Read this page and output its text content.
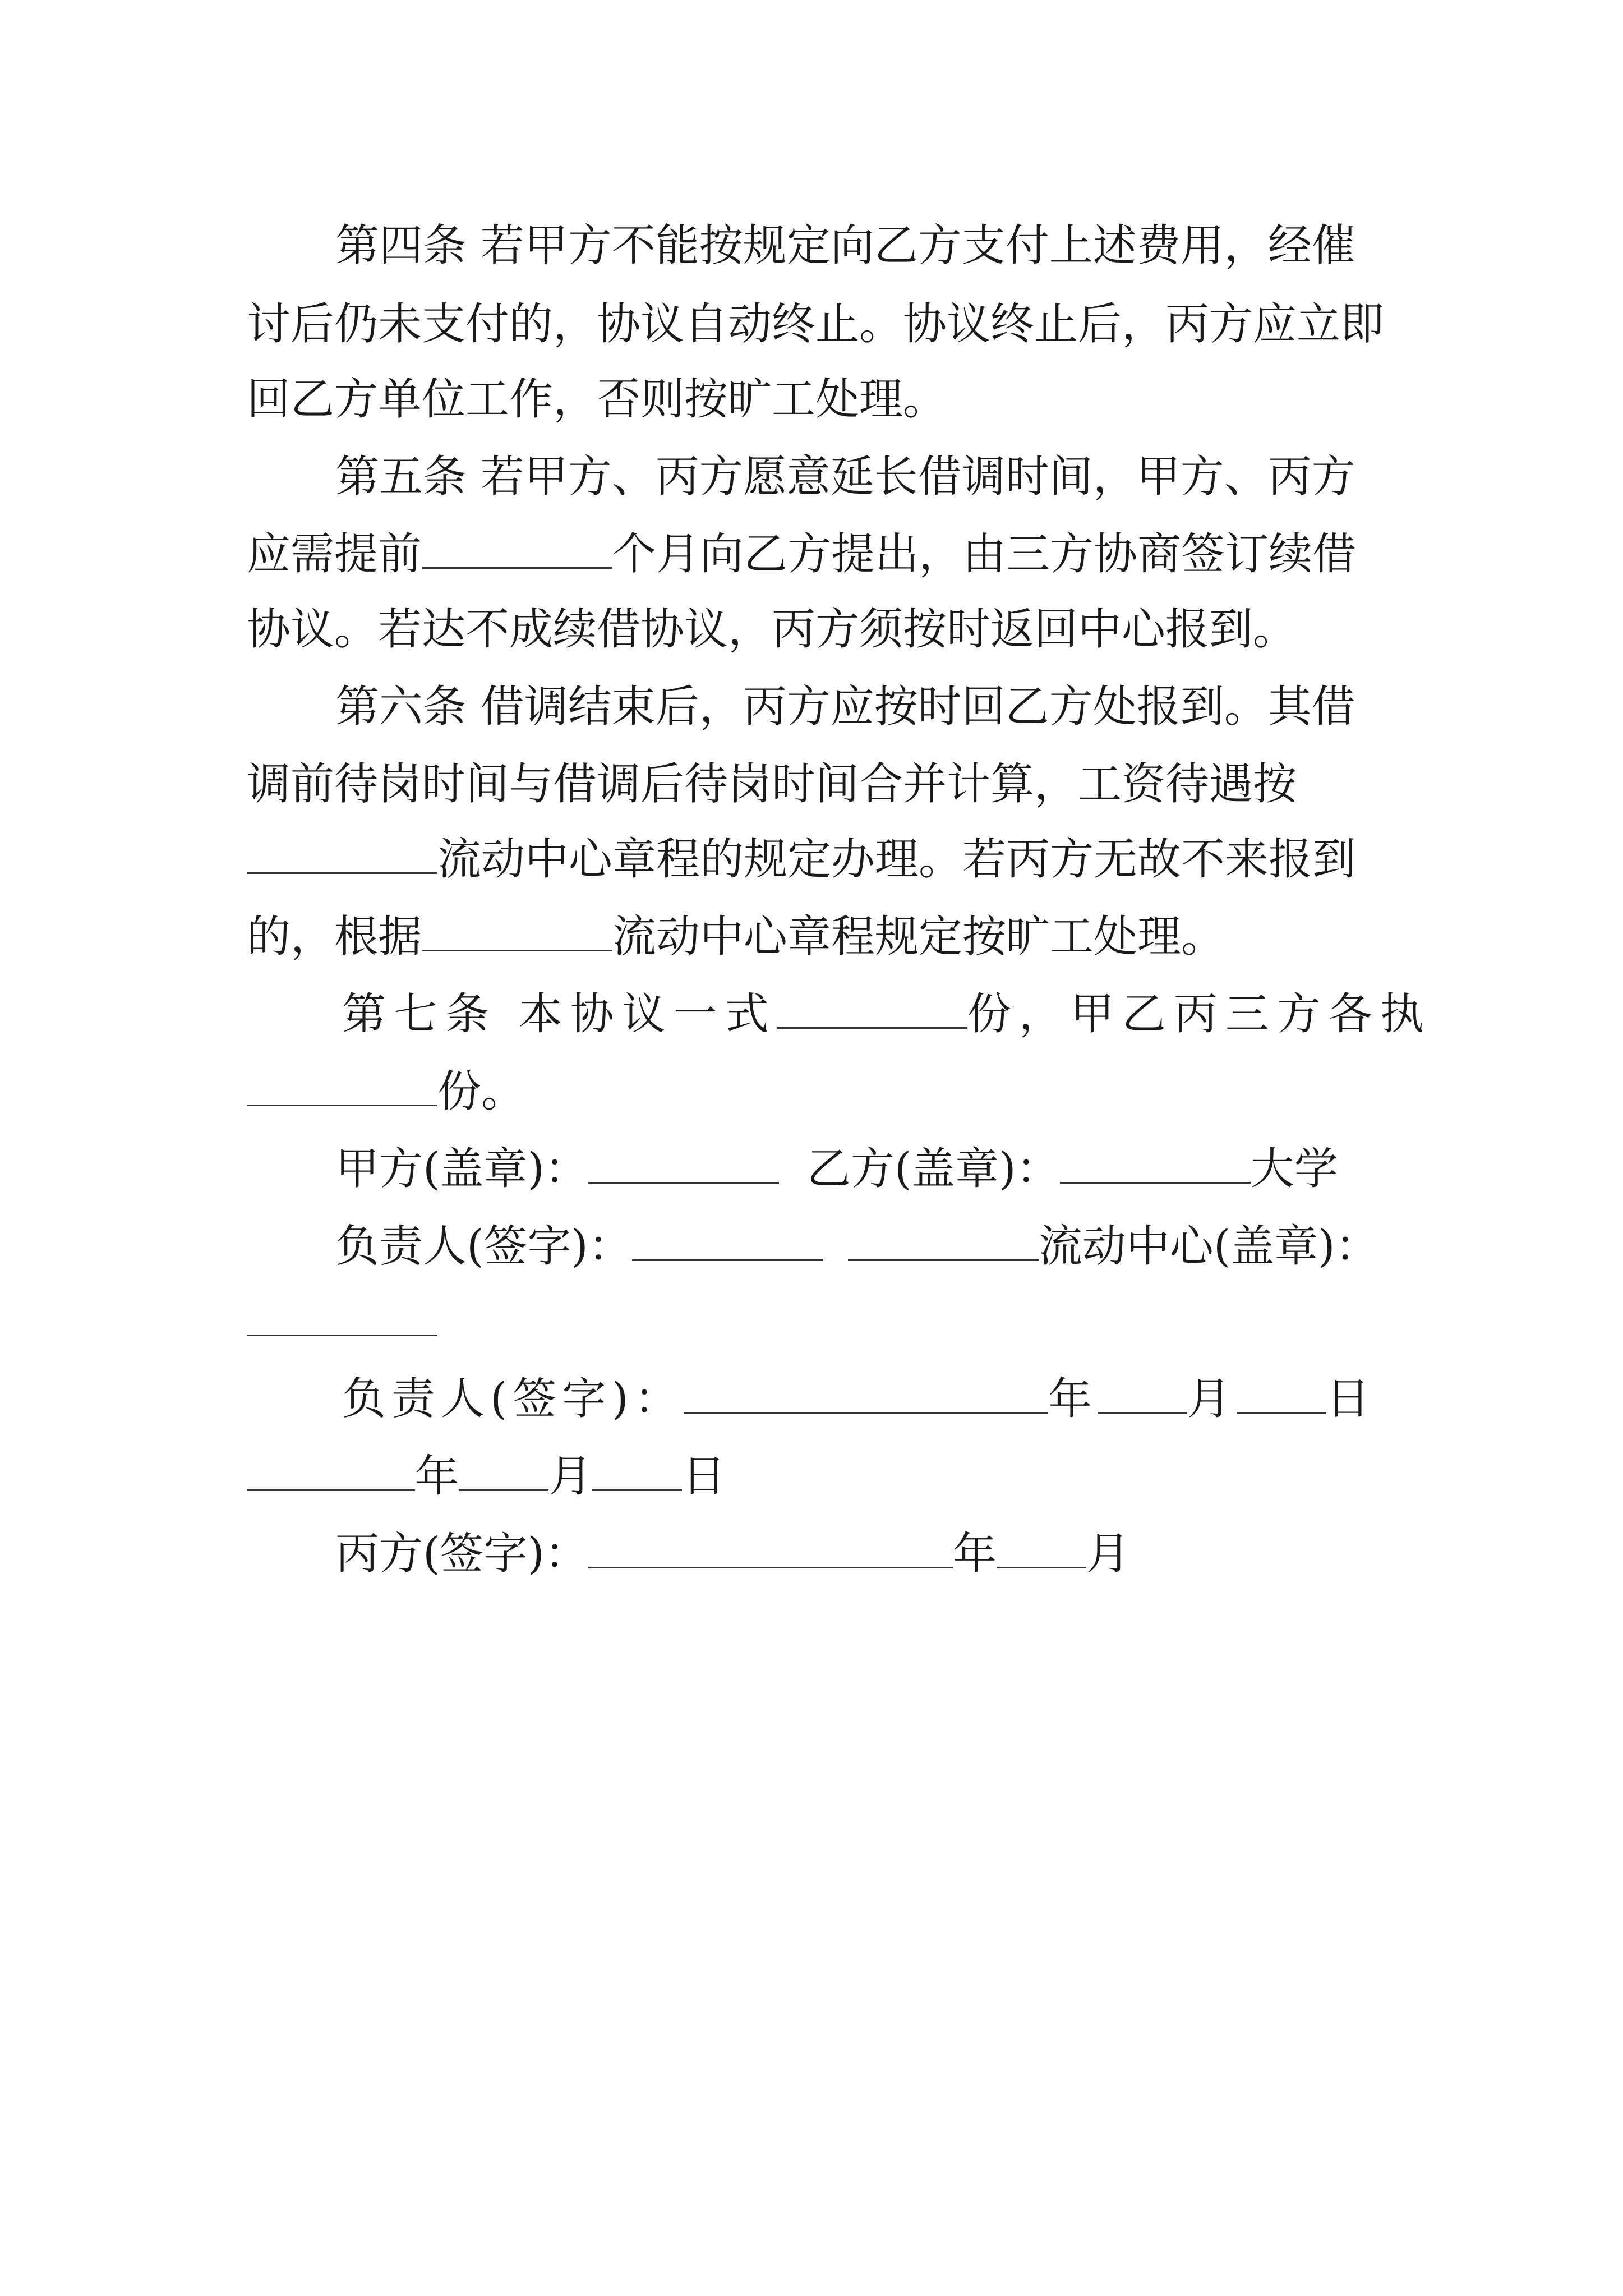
第四条 若甲方不能按规定向乙方支付上述费用，经催
讨后仍未支付的，协议自动终止。协议终止后，丙方应立即
回乙方单位工作，否则按旷工处理。
第五条 若甲方、丙方愿意延长借调时间，甲方、丙方
应需提前	个月向乙方提出，由三方协商签订续借
协议。若达不成续借协议，丙方须按时返回中心报到。
第六条 借调结束后，丙方应按时回乙方处报到。其借
调前待岗时间与借调后待岗时间合并计算，工资待遇按
流动中心章程的规定办理。若丙方无故不来报到
的，根据	流动中心章程规定按旷工处理。
第七条 本协议一式	份，甲乙丙三方各执
份。
甲方(盖章)：	乙方(盖章)：	大学
负责人(签字)：	流动中心(盖章)：
负责人(签字)：	年 月 日
年 月 日
丙方(签字)：	年 月
